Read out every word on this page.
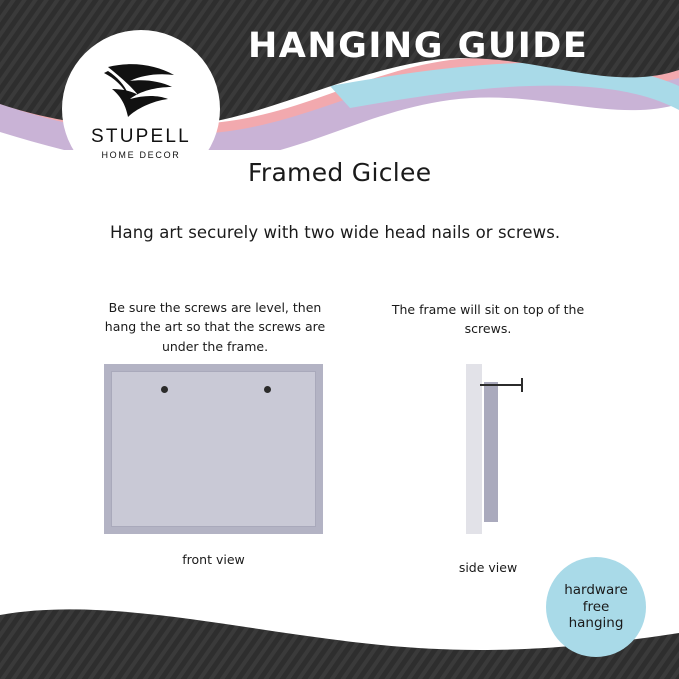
HANGING GUIDE
STUPELL
HOME DECOR
Framed Giclee
Hang art securely with two wide head nails or screws.
Be sure the screws are level, then hang the art so that the screws are under the frame.
The frame will sit on top of the screws.
front view
side view
hardware
free
hanging
